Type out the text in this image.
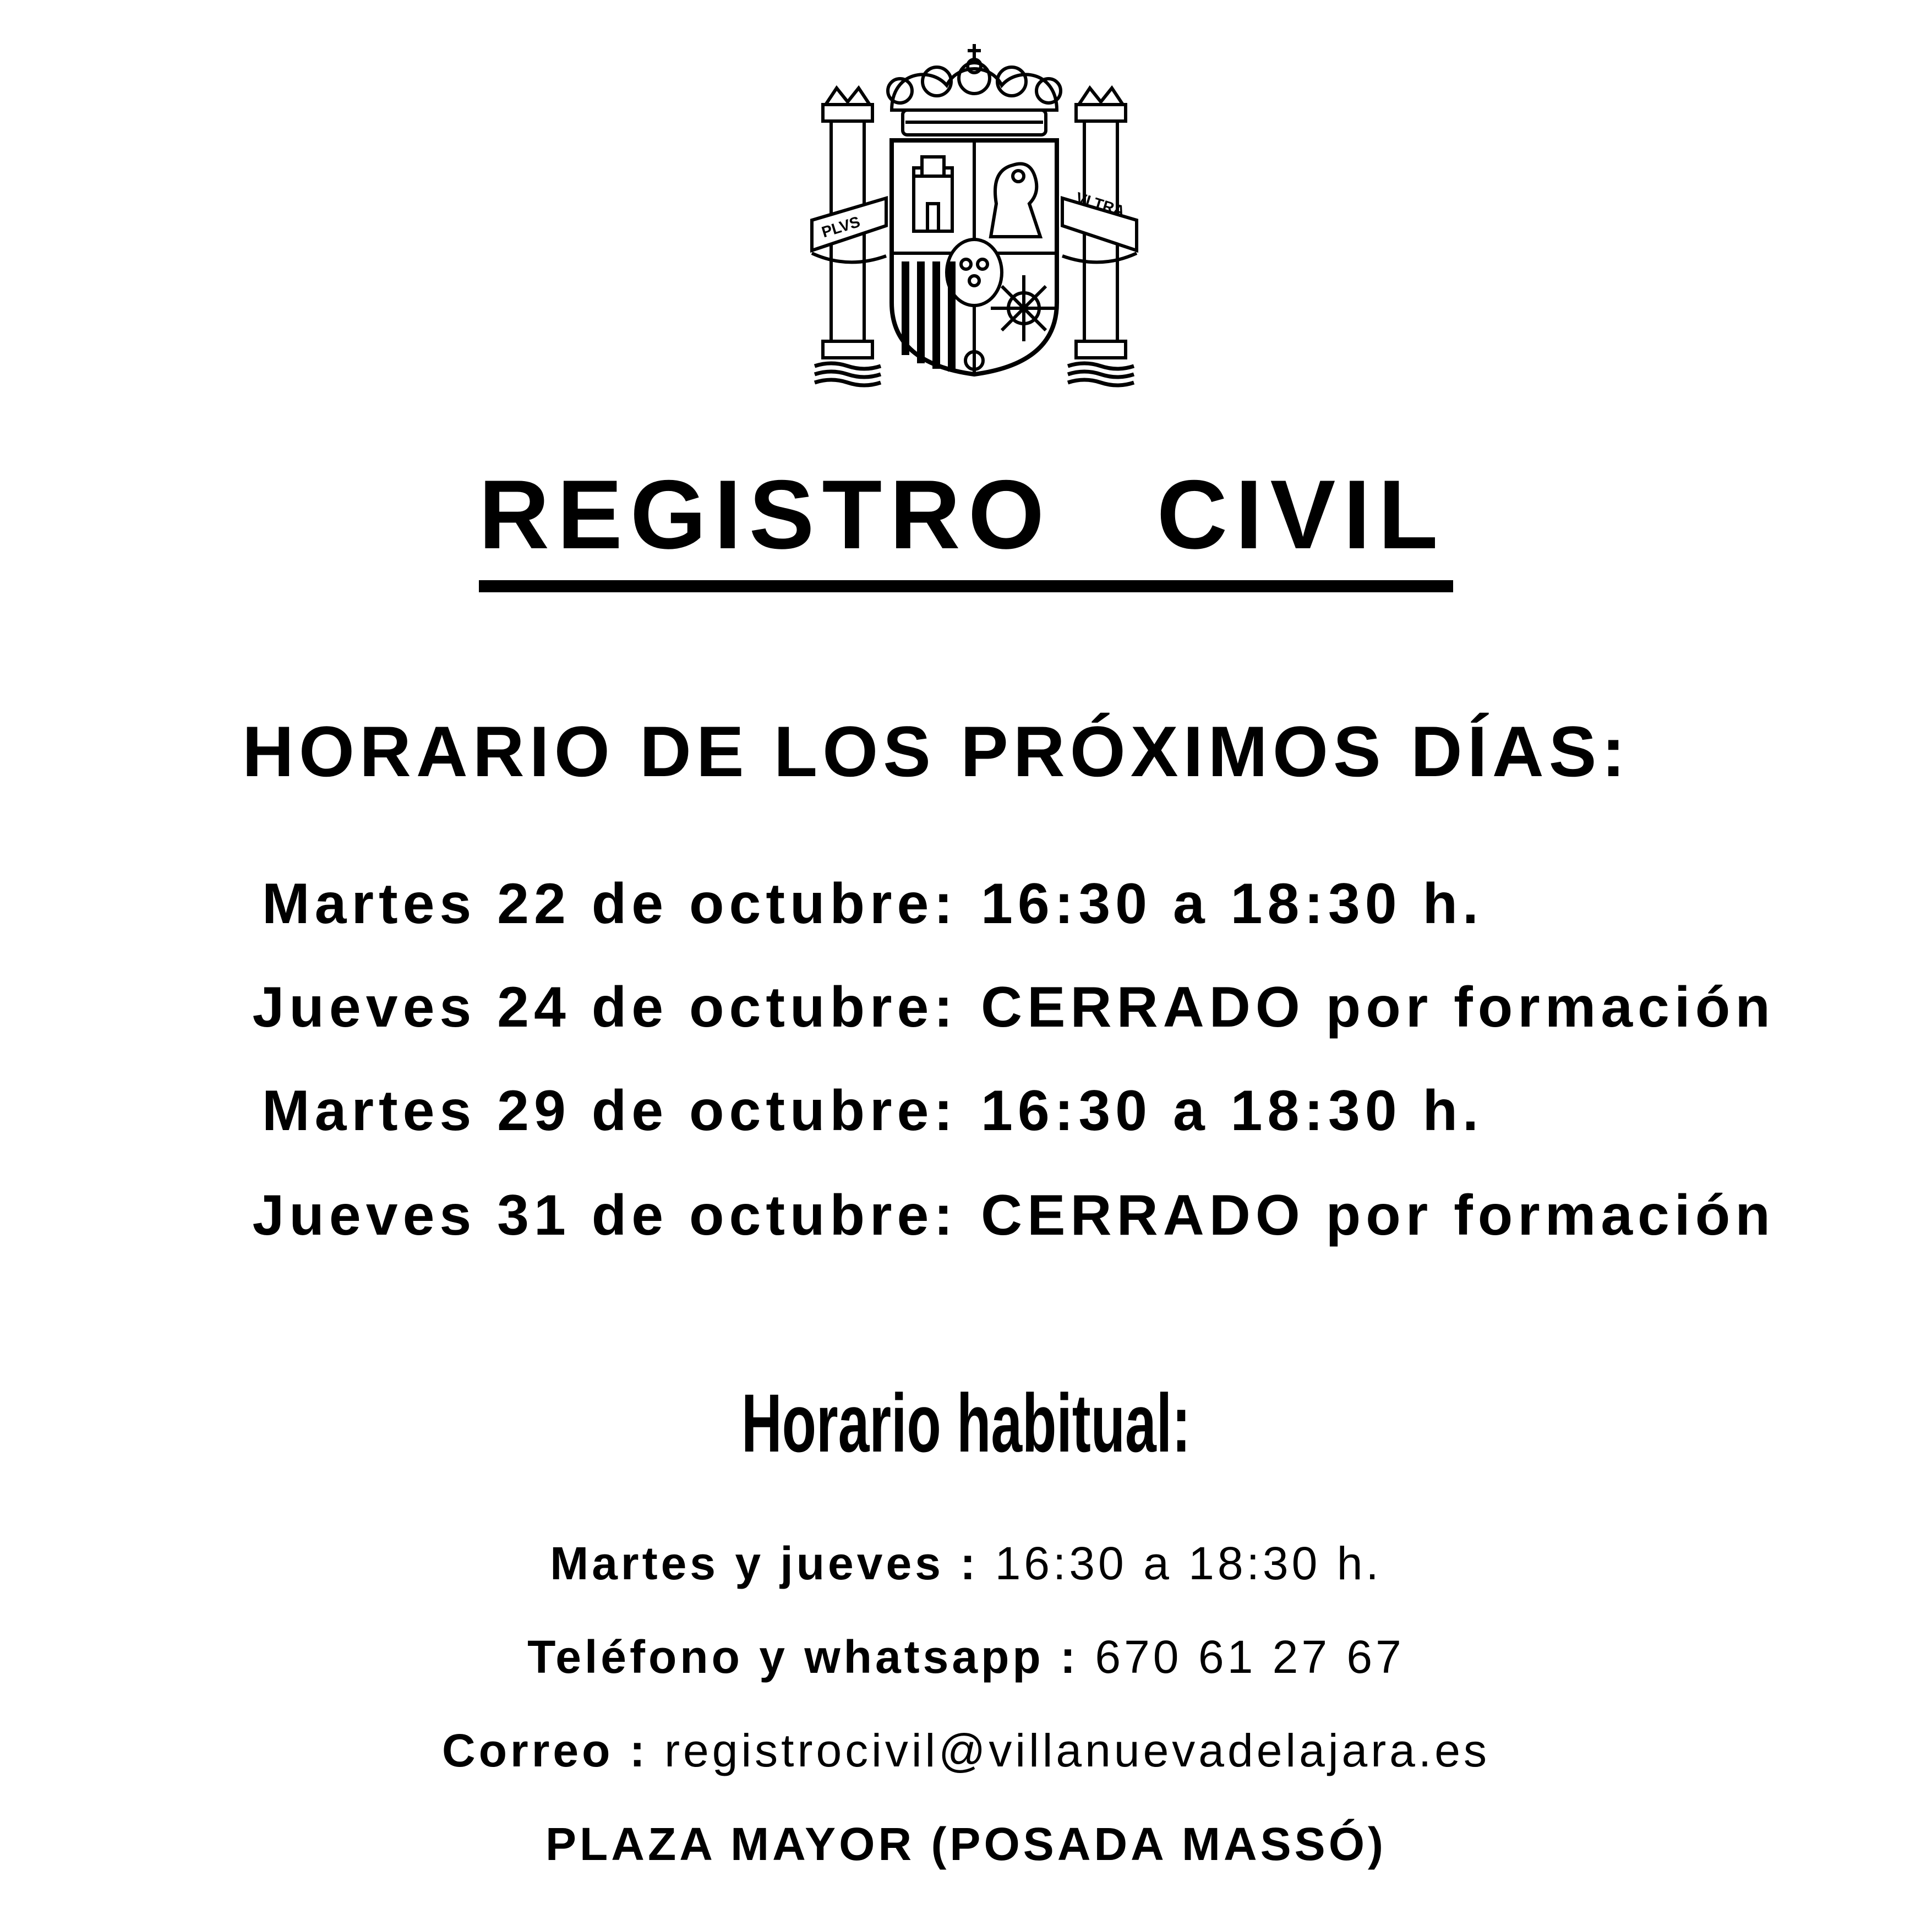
PLVS
VLTRA
REGISTRO   CIVIL
HORARIO DE LOS PRÓXIMOS DÍAS:
Martes 22 de octubre: 16:30 a 18:30 h.
Jueves 24 de octubre: CERRADO por formación
Martes 29 de octubre: 16:30 a 18:30 h.
Jueves 31 de octubre: CERRADO por formación
Horario habitual:
Martes y jueves : 16:30 a 18:30 h.
Teléfono y whatsapp : 670 61 27 67
Correo : registrocivil@villanuevadelajara.es
PLAZA MAYOR (POSADA MASSÓ)
